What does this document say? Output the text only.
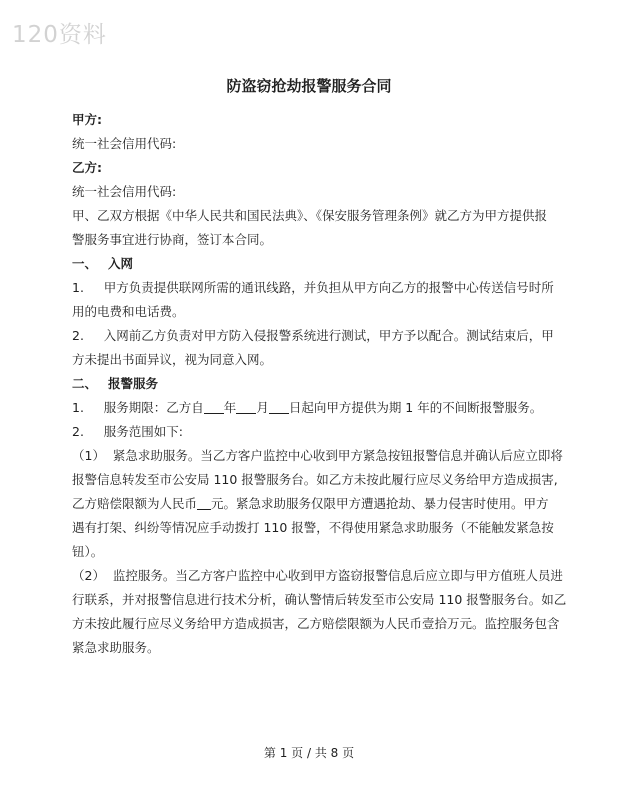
120资料
防盗窃抢劫报警服务合同
甲方:
统一社会信用代码:
乙方:
统一社会信用代码:
甲、乙双方根据《中华人民共和国民法典》、《保安服务管理条例》就乙方为甲方提供报
警服务事宜进行协商，签订本合同。
一、 入网
1.     甲方负责提供联网所需的通讯线路，并负担从甲方向乙方的报警中心传送信号时所
用的电费和电话费。
2.     入网前乙方负责对甲方防入侵报警系统进行测试，甲方予以配合。测试结束后，甲
方未提出书面异议，视为同意入网。
二、 报警服务
1.     服务期限：乙方自 年 月 日起向甲方提供为期 1 年的不间断报警服务。
2.     服务范围如下:
（1）  紧急求助服务。当乙方客户监控中心收到甲方紧急按钮报警信息并确认后应立即将
报警信息转发至市公安局 110 报警服务台。如乙方未按此履行应尽义务给甲方造成损害,
乙方赔偿限额为人民币 元。紧急求助服务仅限甲方遭遇抢劫、暴力侵害时使用。甲方
遇有打架、纠纷等情况应手动拨打 110 报警，不得使用紧急求助服务（不能触发紧急按
钮）。
（2）  监控服务。当乙方客户监控中心收到甲方盗窃报警信息后应立即与甲方值班人员进
行联系，并对报警信息进行技术分析，确认警情后转发至市公安局 110 报警服务台。如乙
方未按此履行应尽义务给甲方造成损害，乙方赔偿限额为人民币壹拾万元。监控服务包含
紧急求助服务。
第 1 页 / 共 8 页
